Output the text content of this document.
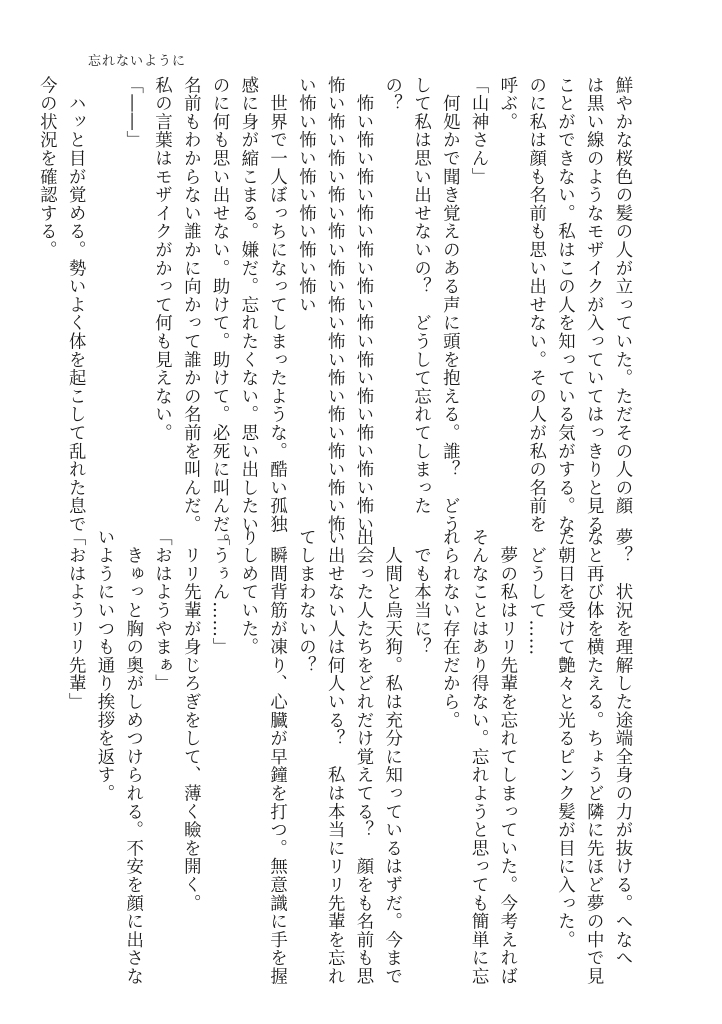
忘れないように
鮮やかな桜色の髪の人が立っていた。ただその人の顔
は黒い線のようなモザイクが入っていてはっきりと見る
ことができない。私はこの人を知っている気がする。な
のに私は顔も名前も思い出せない。その人が私の名前を
呼ぶ。
「山神さん」
　何処かで聞き覚えのある声に頭を抱える。誰？　どう
して私は思い出せないの？　どうして忘れてしまった
の？
　怖い怖い怖い怖い怖い怖い怖い怖い怖い怖い怖い怖い
怖い怖い怖い怖い怖い怖い怖い怖い怖い怖い怖い怖い怖
い怖い怖い怖い怖い怖い怖い
　世界で一人ぼっちになってしまったような。酷い孤独
感に身が縮こまる。嫌だ。忘れたくない。思い出したい
のに何も思い出せない。助けて。助けて。必死に叫んだ。
名前もわからない誰かに向かって誰かの名前を叫んだ。
私の言葉はモザイクがかって何も見えない。
「――」
　ハッと目が覚める。勢いよく体を起こして乱れた息で
今の状況を確認する。
夢？　状況を理解した途端全身の力が抜ける。へなへ
なと再び体を横たえる。ちょうど隣に先ほど夢の中で見
た朝日を受けて艶々と光るピンク髪が目に入った。
　どうして……
　夢の私はリリ先輩を忘れてしまっていた。今考えれば
そんなことはあり得ない。忘れようと思っても簡単に忘
れられない存在だから。
　でも本当に？
　人間と烏天狗。私は充分に知っているはずだ。今まで
出会った人たちをどれだけ覚えてる？　顔をも名前も思
い出せない人は何人いる？　私は本当にリリ先輩を忘れ
てしまわないの？
　瞬間背筋が凍り、心臓が早鐘を打つ。無意識に手を握
りしめていた。
「うぅん……」
　リリ先輩が身じろぎをして、薄く瞼を開く。
「おはようやまぁ」
　きゅっと胸の奥がしめつけられる。不安を顔に出さな
いようにいつも通り挨拶を返す。
「おはようリリ先輩」
